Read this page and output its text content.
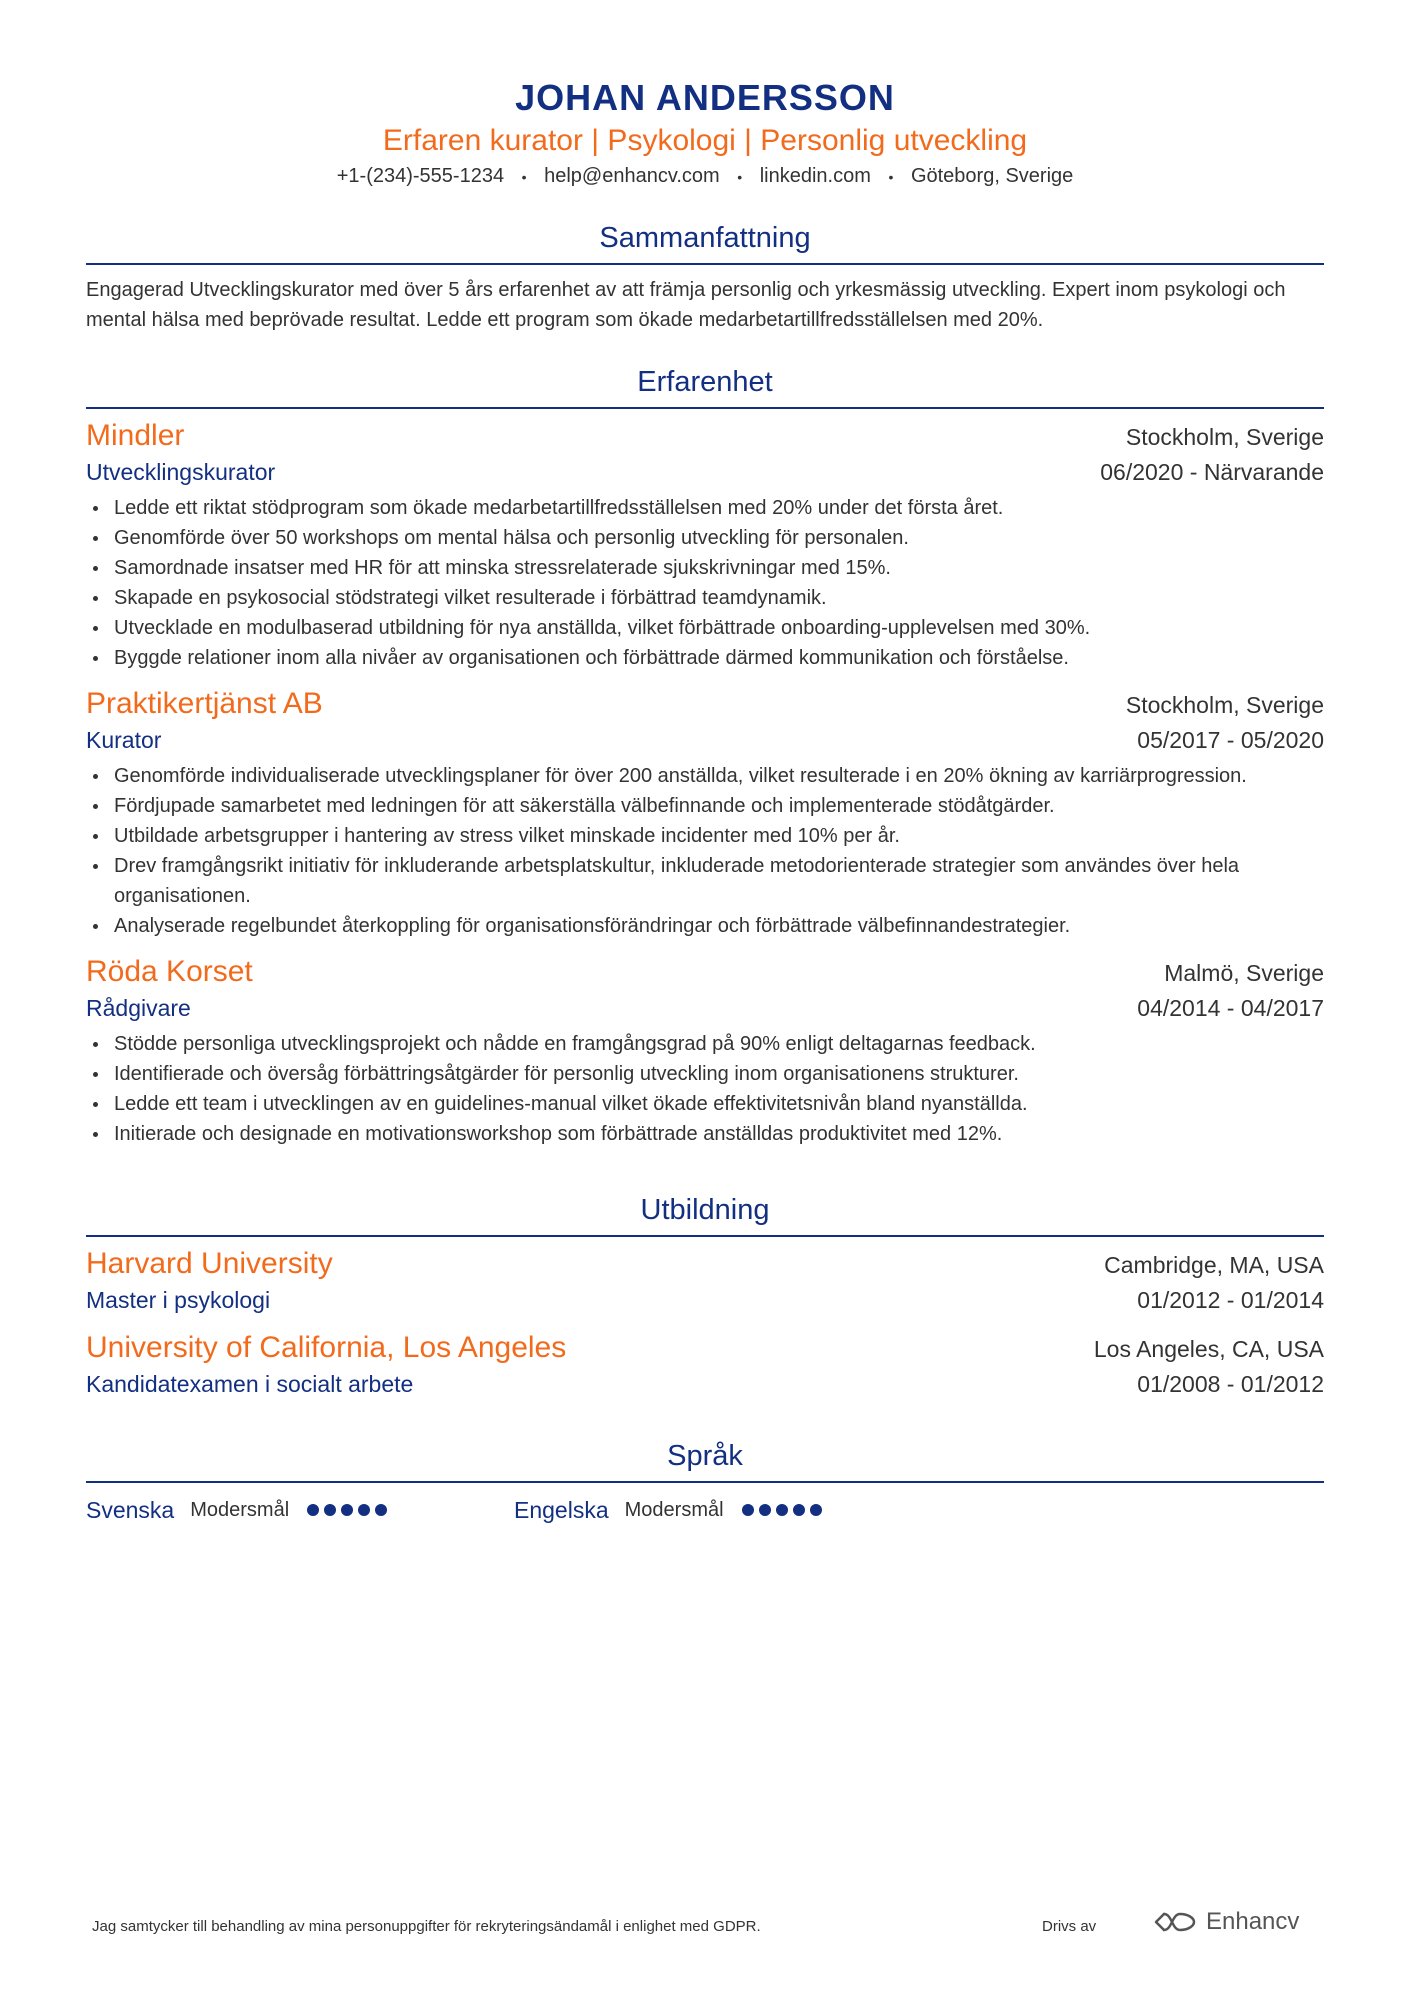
JOHAN ANDERSSON
Erfaren kurator | Psykologi | Personlig utveckling
+1-(234)-555-1234 • help@enhancv.com • linkedin.com • Göteborg, Sverige
Sammanfattning
Engagerad Utvecklingskurator med över 5 års erfarenhet av att främja personlig och yrkesmässig utveckling. Expert inom psykologi och mental hälsa med beprövade resultat. Ledde ett program som ökade medarbetartillfredsställelsen med 20%.
Erfarenhet
Mindler	Stockholm, Sverige
Utvecklingskurator	06/2020 - Närvarande
Ledde ett riktat stödprogram som ökade medarbetartillfredsställelsen med 20% under det första året.
Genomförde över 50 workshops om mental hälsa och personlig utveckling för personalen.
Samordnade insatser med HR för att minska stressrelaterade sjukskrivningar med 15%.
Skapade en psykosocial stödstrategi vilket resulterade i förbättrad teamdynamik.
Utvecklade en modulbaserad utbildning för nya anställda, vilket förbättrade onboarding-upplevelsen med 30%.
Byggde relationer inom alla nivåer av organisationen och förbättrade därmed kommunikation och förståelse.
Praktikertjänst AB	Stockholm, Sverige
Kurator	05/2017 - 05/2020
Genomförde individualiserade utvecklingsplaner för över 200 anställda, vilket resulterade i en 20% ökning av karriärprogression.
Fördjupade samarbetet med ledningen för att säkerställa välbefinnande och implementerade stödåtgärder.
Utbildade arbetsgrupper i hantering av stress vilket minskade incidenter med 10% per år.
Drev framgångsrikt initiativ för inkluderande arbetsplatskultur, inkluderade metodorienterade strategier som användes över hela organisationen.
Analyserade regelbundet återkoppling för organisationsförändringar och förbättrade välbefinnandestrategier.
Röda Korset	Malmö, Sverige
Rådgivare	04/2014 - 04/2017
Stödde personliga utvecklingsprojekt och nådde en framgångsgrad på 90% enligt deltagarnas feedback.
Identifierade och översåg förbättringsåtgärder för personlig utveckling inom organisationens strukturer.
Ledde ett team i utvecklingen av en guidelines-manual vilket ökade effektivitetsnivån bland nyanställda.
Initierade och designade en motivationsworkshop som förbättrade anställdas produktivitet med 12%.
Utbildning
Harvard University	Cambridge, MA, USA
Master i psykologi	01/2012 - 01/2014
University of California, Los Angeles	Los Angeles, CA, USA
Kandidatexamen i socialt arbete	01/2008 - 01/2012
Språk
Svenska Modersmål	Engelska Modersmål
Jag samtycker till behandling av mina personuppgifter för rekryteringsändamål i enlighet med GDPR.	Drivs av	Enhancv
